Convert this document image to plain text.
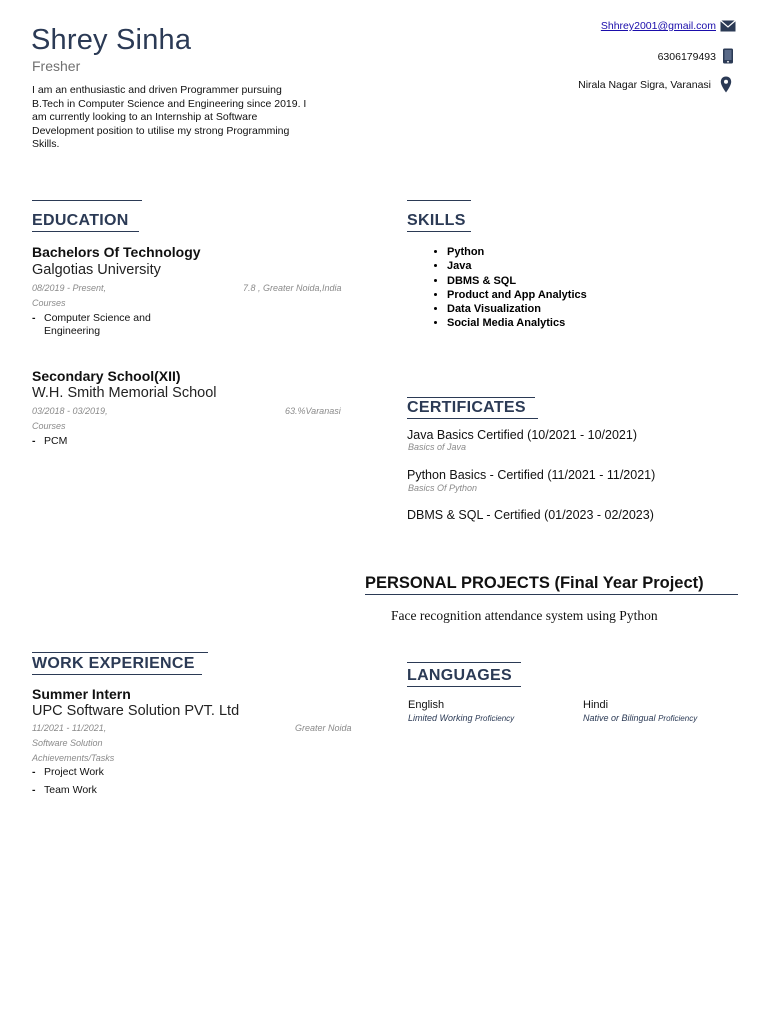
Shrey Sinha
Fresher
I am an enthusiastic and driven Programmer pursuing B.Tech in Computer Science and Engineering since 2019. I am currently looking to an Internship at Software Development position to utilise my strong Programming Skills.
Shhrey2001@gmail.com
6306179493
Nirala Nagar Sigra, Varanasi
EDUCATION
Bachelors Of Technology
Galgotias University
08/2019 - Present,	7.8 , Greater Noida,India
Courses
- Computer Science and Engineering
Secondary School(XII)
W.H. Smith Memorial School
03/2018 - 03/2019,	63.%Varanasi
Courses
- PCM
SKILLS
• Python
• Java
• DBMS & SQL
• Product and App Analytics
• Data Visualization
• Social Media Analytics
CERTIFICATES
Java Basics Certified (10/2021 - 10/2021)
Basics of Java
Python Basics - Certified (11/2021 - 11/2021)
Basics Of Python
DBMS & SQL - Certified (01/2023 - 02/2023)
PERSONAL PROJECTS (Final Year Project)
Face recognition attendance system using Python
WORK EXPERIENCE
Summer Intern
UPC Software Solution PVT. Ltd
11/2021 - 11/2021,	Greater Noida
Software Solution
Achievements/Tasks
- Project Work
- Team Work
LANGUAGES
English
Limited Working Proficiency
Hindi
Native or Bilingual Proficiency
